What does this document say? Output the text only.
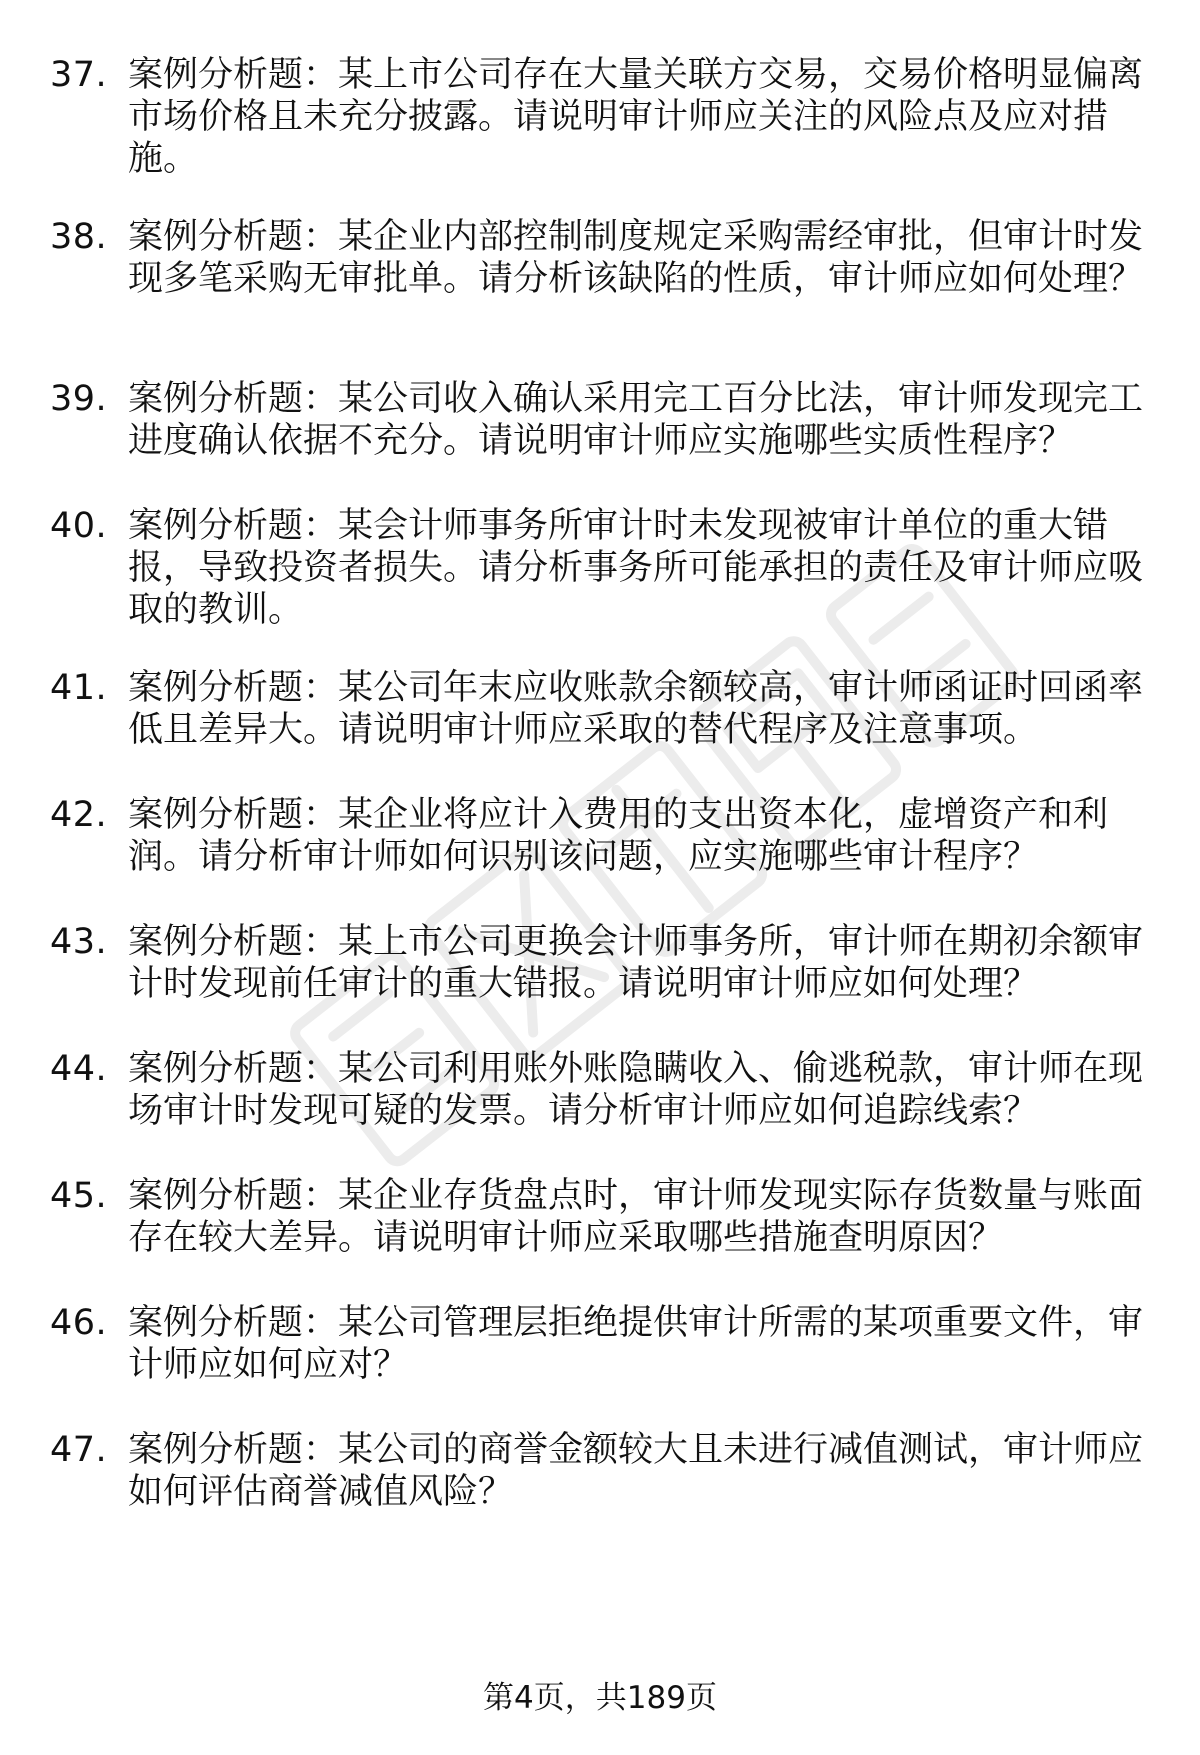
37. 案例分析题：某上市公司存在大量关联方交易，交易价格明显偏离市场价格且未充分披露。请说明审计师应关注的风险点及应对措施。
38. 案例分析题：某企业内部控制制度规定采购需经审批，但审计时发现多笔采购无审批单。请分析该缺陷的性质，审计师应如何处理？
39. 案例分析题：某公司收入确认采用完工百分比法，审计师发现完工进度确认依据不充分。请说明审计师应实施哪些实质性程序？
40. 案例分析题：某会计师事务所审计时未发现被审计单位的重大错报，导致投资者损失。请分析事务所可能承担的责任及审计师应吸取的教训。
41. 案例分析题：某公司年末应收账款余额较高，审计师函证时回函率低且差异大。请说明审计师应采取的替代程序及注意事项。
42. 案例分析题：某企业将应计入费用的支出资本化，虚增资产和利润。请分析审计师如何识别该问题，应实施哪些审计程序？
43. 案例分析题：某上市公司更换会计师事务所，审计师在期初余额审计时发现前任审计的重大错报。请说明审计师应如何处理？
44. 案例分析题：某公司利用账外账隐瞒收入、偷逃税款，审计师在现场审计时发现可疑的发票。请分析审计师应如何追踪线索？
45. 案例分析题：某企业存货盘点时，审计师发现实际存货数量与账面存在较大差异。请说明审计师应采取哪些措施查明原因？
46. 案例分析题：某公司管理层拒绝提供审计所需的某项重要文件，审计师应如何应对？
47. 案例分析题：某公司的商誉金额较大且未进行减值测试，审计师应如何评估商誉减值风险？
第4页，共189页
